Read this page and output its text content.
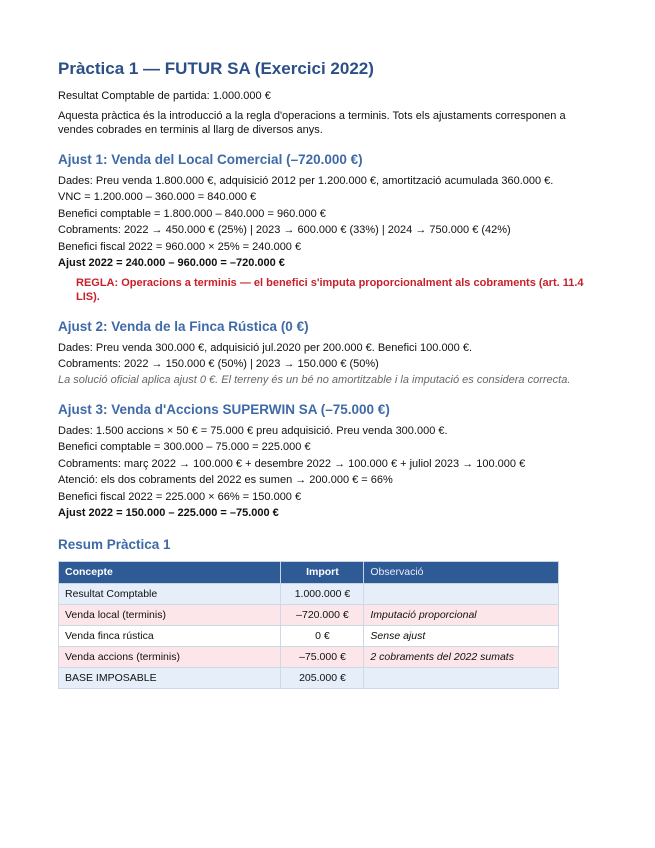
Pràctica 1 — FUTUR SA (Exercici 2022)

Resultat Comptable de partida: 1.000.000 €

Aquesta pràctica és la introducció a la regla d'operacions a terminis. Tots els ajustaments corresponen a vendes cobrades en terminis al llarg de diversos anys.

Ajust 1: Venda del Local Comercial (–720.000 €)

Dades: Preu venda 1.800.000 €, adquisició 2012 per 1.200.000 €, amortització acumulada 360.000 €.

VNC = 1.200.000 – 360.000 = 840.000 €

Benefici comptable = 1.800.000 – 840.000 = 960.000 €

Cobraments: 2022 → 450.000 € (25%) | 2023 → 600.000 € (33%) | 2024 → 750.000 € (42%)

Benefici fiscal 2022 = 960.000 × 25% = 240.000 €

Ajust 2022 = 240.000 – 960.000 = –720.000 €

REGLA: Operacions a terminis — el benefici s'imputa proporcionalment als cobraments (art. 11.4 LIS).

Ajust 2: Venda de la Finca Rústica (0 €)

Dades: Preu venda 300.000 €, adquisició jul.2020 per 200.000 €. Benefici 100.000 €.

Cobraments: 2022 → 150.000 € (50%) | 2023 → 150.000 € (50%)

La solució oficial aplica ajust 0 €. El terreny és un bé no amortitzable i la imputació es considera correcta.

Ajust 3: Venda d'Accions SUPERWIN SA (–75.000 €)

Dades: 1.500 accions × 50 € = 75.000 € preu adquisició. Preu venda 300.000 €.

Benefici comptable = 300.000 – 75.000 = 225.000 €

Cobraments: març 2022 → 100.000 € + desembre 2022 → 100.000 € + juliol 2023 → 100.000 €

Atenció: els dos cobraments del 2022 es sumen → 200.000 € = 66%

Benefici fiscal 2022 = 225.000 × 66% = 150.000 €

Ajust 2022 = 150.000 – 225.000 = –75.000 €

Resum Pràctica 1
Concepte	Import	Observació
Resultat Comptable	1.000.000 €	
Venda local (terminis)	–720.000 €	Imputació proporcional
Venda finca rústica	0 €	Sense ajust
Venda accions (terminis)	–75.000 €	2 cobraments del 2022 sumats
BASE IMPOSABLE	205.000 €	
